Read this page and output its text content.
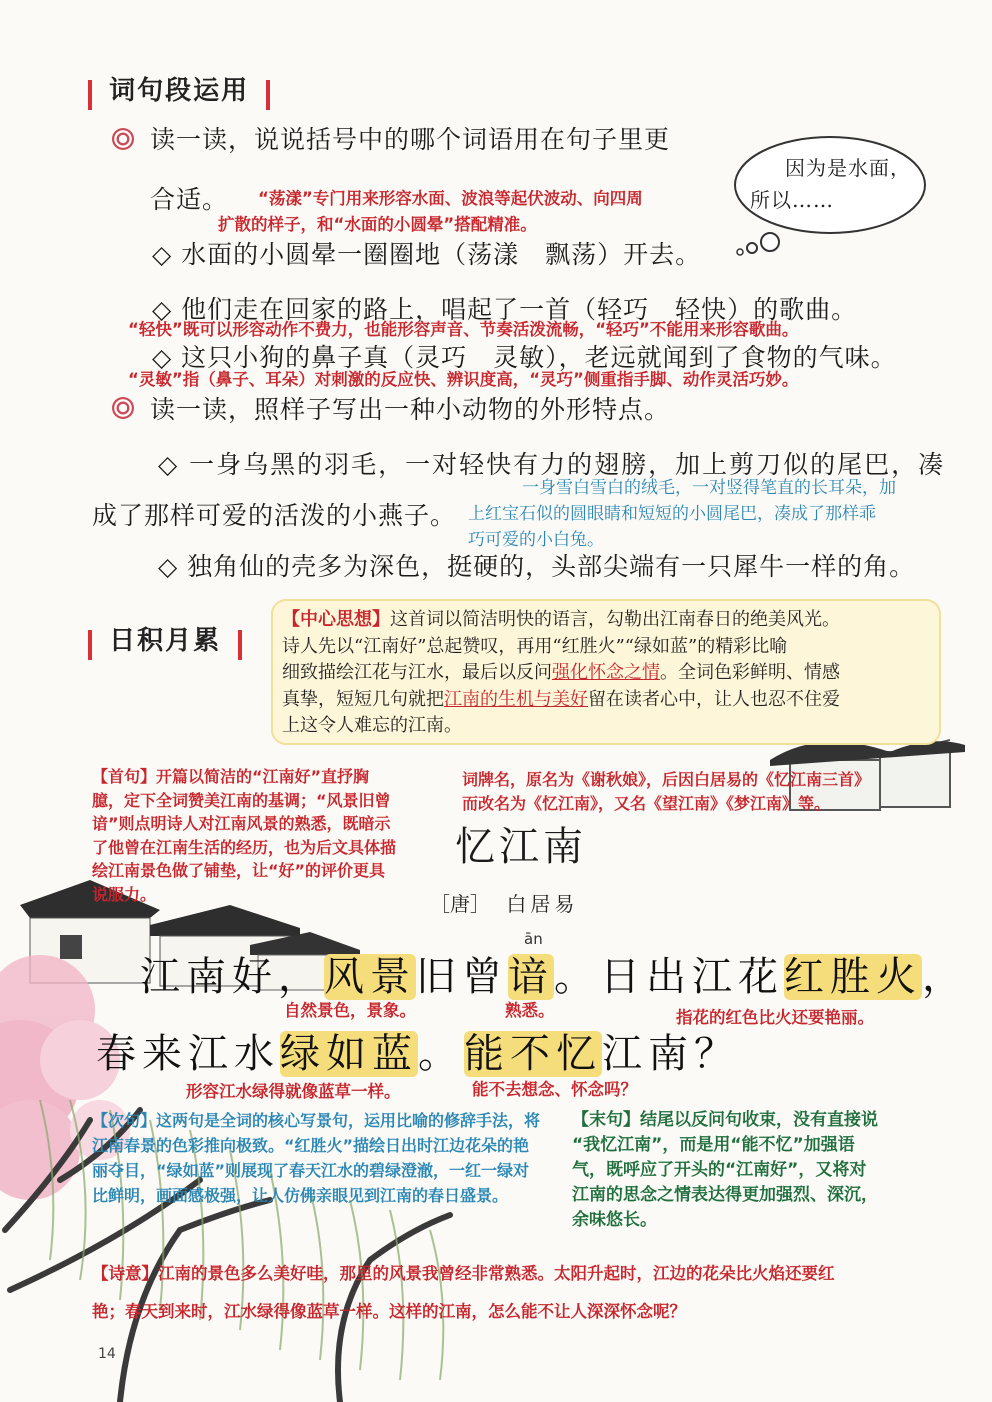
词句段运用
读一读，说说括号中的哪个词语用在句子里更
合适。
因为是水面，
所以……
“荡漾”专门用来形容水面、波浪等起伏波动、向四周
扩散的样子，和“水面的小圆晕”搭配精准。
◇ 水面的小圆晕一圈圈地（荡漾　飘荡）开去。
◇ 他们走在回家的路上，唱起了一首（轻巧　轻快）的歌曲。
“轻快”既可以形容动作不费力，也能形容声音、节奏活泼流畅，“轻巧”不能用来形容歌曲。
◇ 这只小狗的鼻子真（灵巧　灵敏），老远就闻到了食物的气味。
“灵敏”指（鼻子、耳朵）对刺激的反应快、辨识度高，“灵巧”侧重指手脚、动作灵活巧妙。
读一读，照样子写出一种小动物的外形特点。
◇ 一身乌黑的羽毛，一对轻快有力的翅膀，加上剪刀似的尾巴，凑
成了那样可爱的活泼的小燕子。
一身雪白雪白的绒毛，一对竖得笔直的长耳朵，加
上红宝石似的圆眼睛和短短的小圆尾巴，凑成了那样乖
巧可爱的小白兔。
◇ 独角仙的壳多为深色，挺硬的，头部尖端有一只犀牛一样的角。
日积月累
【中心思想】这首词以简洁明快的语言，勾勒出江南春日的绝美风光。
诗人先以“江南好”总起赞叹，再用“红胜火”“绿如蓝”的精彩比喻
细致描绘江花与江水，最后以反问强化怀念之情。全词色彩鲜明、情感
真挚，短短几句就把江南的生机与美好留在读者心中，让人也忍不住爱
上这令人难忘的江南。
【首句】开篇以简洁的“江南好”直抒胸
臆，定下全词赞美江南的基调；“风景旧曾
谙”则点明诗人对江南风景的熟悉，既暗示
了他曾在江南生活的经历，也为后文具体描
绘江南景色做了铺垫，让“好”的评价更具
说服力。
词牌名，原名为《谢秋娘》，后因白居易的《忆江南三首》
而改名为《忆江南》，又名《望江南》《梦江南》等。
忆江南
［唐］ 白居易
ān
江南好，风景旧曾谙。日出江花红胜火，
自然景色，景象。	熟悉。	指花的红色比火还要艳丽。
春来江水绿如蓝。能不忆江南？
形容江水绿得就像蓝草一样。	能不去想念、怀念吗？
【次句】这两句是全词的核心写景句，运用比喻的修辞手法，将
江南春景的色彩推向极致。“红胜火”描绘日出时江边花朵的艳
丽夺目，“绿如蓝”则展现了春天江水的碧绿澄澈，一红一绿对
比鲜明，画面感极强，让人仿佛亲眼见到江南的春日盛景。
【末句】结尾以反问句收束，没有直接说
“我忆江南”，而是用“能不忆”加强语
气，既呼应了开头的“江南好”，又将对
江南的思念之情表达得更加强烈、深沉，
余味悠长。
【诗意】江南的景色多么美好哇，那里的风景我曾经非常熟悉。太阳升起时，江边的花朵比火焰还要红
艳；春天到来时，江水绿得像蓝草一样。这样的江南，怎么能不让人深深怀念呢？
14
